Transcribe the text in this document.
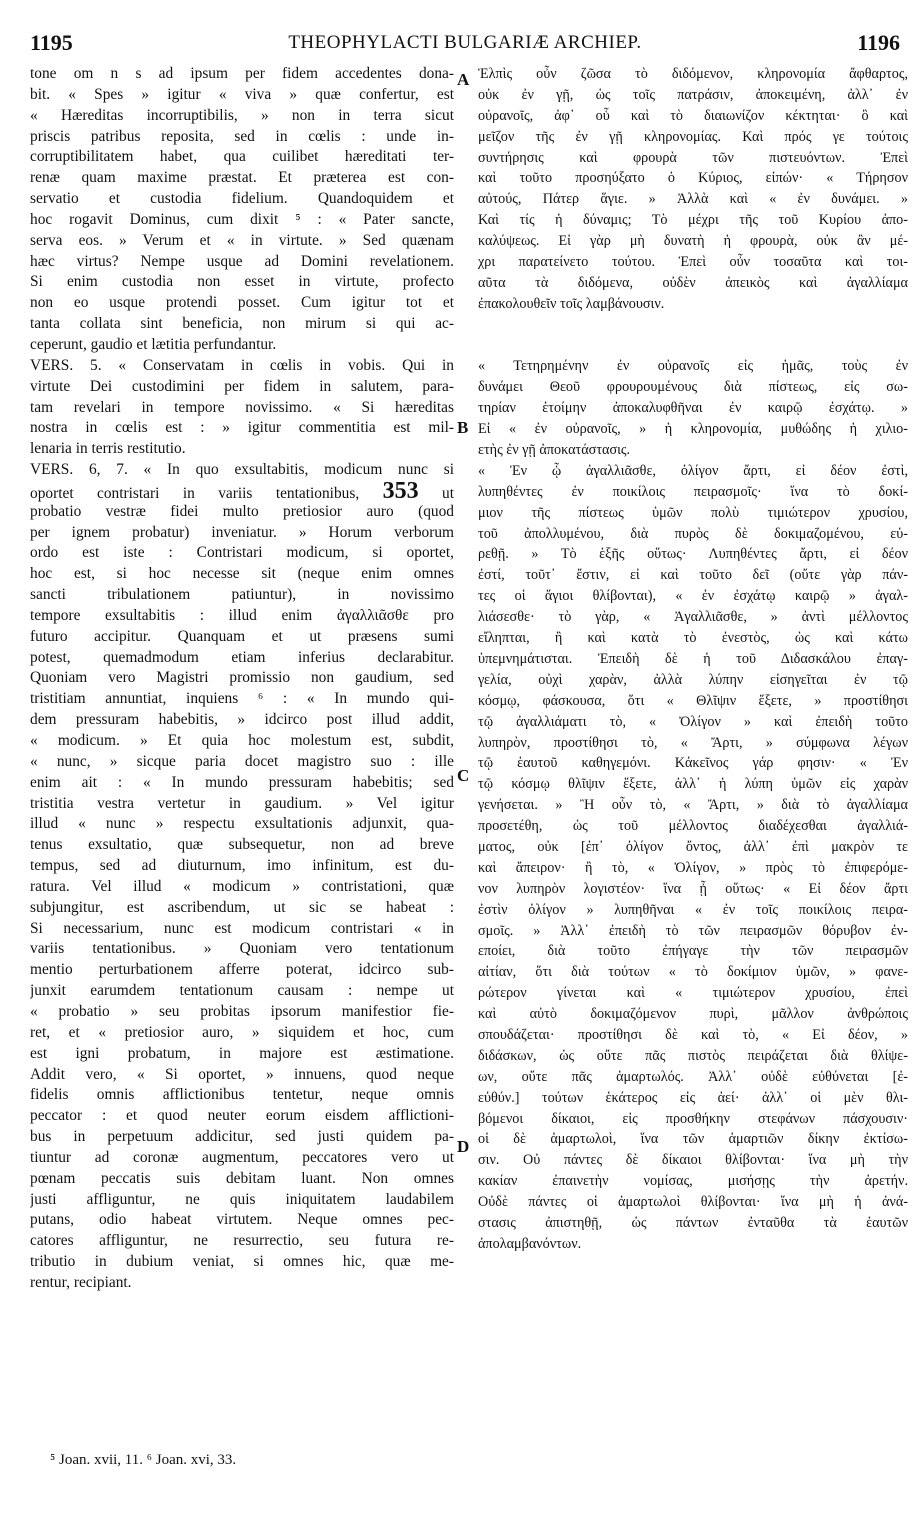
1195	THEOPHYLACTI BULGARIÆ ARCHIEP.	1196
tone om n s ad ipsum per fidem accedentes dona-
bit. « Spes » igitur « viva » quæ confertur, est
« Hæreditas incorruptibilis, » non in terra sicut
priscis patribus reposita, sed in cœlis : unde in-
corruptibilitatem habet, qua cuilibet hæreditati ter-
renæ quam maxime præstat. Et præterea est con-
servatio et custodia fidelium. Quandoquidem et
hoc rogavit Dominus, cum dixit ⁵ : « Pater sancte,
serva eos. » Verum et « in virtute. » Sed quænam
hæc virtus? Nempe usque ad Domini revelationem.
Si enim custodia non esset in virtute, profecto
non eo usque protendi posset. Cum igitur tot et
tanta collata sint beneficia, non mirum si qui ac-
ceperunt, gaudio et lætitia perfundantur.
VERS. 5. « Conservatam in cœlis in vobis. Qui in
virtute Dei custodimini per fidem in salutem, para-
tam revelari in tempore novissimo. « Si hæreditas
nostra in cœlis est : » igitur commentitia est mil-
lenaria in terris restitutio.
VERS. 6, 7. « In quo exsultabitis, modicum nunc si
oportet contristari in variis tentationibus, 353 ut
probatio vestræ fidei multo pretiosior auro (quod
per ignem probatur) inveniatur. » Horum verborum
ordo est iste : Contristari modicum, si oportet,
hoc est, si hoc necesse sit (neque enim omnes
sancti tribulationem patiuntur), in novissimo
tempore exsultabitis : illud enim ἀγαλλιᾶσθε pro
futuro accipitur. Quanquam et ut præsens sumi
potest, quemadmodum etiam inferius declarabitur.
Quoniam vero Magistri promissio non gaudium, sed
tristitiam annuntiat, inquiens ⁶ : « In mundo qui-
dem pressuram habebitis, » idcirco post illud addit,
« modicum. » Et quia hoc molestum est, subdit,
« nunc, » sicque paria docet magistro suo : ille
enim ait : « In mundo pressuram habebitis; sed
tristitia vestra vertetur in gaudium. » Vel igitur
illud « nunc » respectu exsultationis adjunxit, qua-
tenus exsultatio, quæ subsequetur, non ad breve
tempus, sed ad diuturnum, imo infinitum, est du-
ratura. Vel illud « modicum » contristationi, quæ
subjungitur, est ascribendum, ut sic se habeat :
Si necessarium, nunc est modicum contristari « in
variis tentationibus. » Quoniam vero tentationum
mentio perturbationem afferre poterat, idcirco sub-
junxit earumdem tentationum causam : nempe ut
« probatio » seu probitas ipsorum manifestior fie-
ret, et « pretiosior auro, » siquidem et hoc, cum
est igni probatum, in majore est æstimatione.
Addit vero, « Si oportet, » innuens, quod neque
fidelis omnis afflictionibus tentetur, neque omnis
peccator : et quod neuter eorum eisdem afflictioni-
bus in perpetuum addicitur, sed justi quidem pa-
tiuntur ad coronæ augmentum, peccatores vero ut
pœnam peccatis suis debitam luant. Non omnes
justi affliguntur, ne quis iniquitatem laudabilem
putans, odio habeat virtutem. Neque omnes pec-
catores affliguntur, ne resurrectio, seu futura re-
tributio in dubium veniat, si omnes hic, quæ me-
rentur, recipiant.
Ἐλπὶς οὖν ζῶσα τὸ διδόμενον, κληρονομία ἄφθαρτος,
οὐκ ἐν γῇ, ὡς τοῖς πατράσιν, ἀποκειμένη, ἀλλ᾿ ἐν
οὐρανοῖς, ἀφ᾿ οὗ καὶ τὸ διαιωνίζον κέκτηται· ὃ καὶ
μεῖζον τῆς ἐν γῇ κληρονομίας. Καὶ πρός γε τούτοις
συντήρησις καὶ φρουρὰ τῶν πιστευόντων. Ἐπεὶ
καὶ τοῦτο προσηύξατο ὁ Κύριος, εἰπών· « Τήρησον
αὐτούς, Πάτερ ἅγιε. » Ἀλλὰ καὶ « ἐν δυνάμει. »
Καὶ τίς ἡ δύναμις; Τὸ μέχρι τῆς τοῦ Κυρίου ἀπο-
καλύψεως. Εἰ γὰρ μὴ δυνατὴ ἡ φρουρὰ, οὐκ ἂν μέ-
χρι παρατείνετο τούτου. Ἐπεὶ οὖν τοσαῦτα καὶ τοι-
αῦτα τὰ διδόμενα, οὐδὲν ἀπεικὸς καὶ ἀγαλλίαμα
ἐπακολουθεῖν τοῖς λαμβάνουσιν.
« Τετηρημένην ἐν οὐρανοῖς εἰς ἡμᾶς, τοὺς ἐν
δυνάμει Θεοῦ φρουρουμένους διὰ πίστεως, εἰς σω-
τηρίαν ἑτοίμην ἀποκαλυφθῆναι ἐν καιρῷ ἐσχάτῳ. »
Εἰ « ἐν οὐρανοῖς, » ἡ κληρονομία, μυθώδης ἡ χιλιο-
ετὴς ἐν γῇ ἀποκατάστασις.
« Ἐν ᾧ ἀγαλλιᾶσθε, ὀλίγον ἄρτι, εἰ δέον ἐστὶ,
λυπηθέντες ἐν ποικίλοις πειρασμοῖς· ἵνα τὸ δοκί-
μιον τῆς πίστεως ὑμῶν πολὺ τιμιώτερον χρυσίου,
τοῦ ἀπολλυμένου, διὰ πυρὸς δὲ δοκιμαζομένου, εὑ-
ρεθῇ. » Τὸ ἑξῆς οὕτως· Λυπηθέντες ἄρτι, εἰ δέον
ἐστί, τοῦτ᾿ ἔστιν, εἰ καὶ τοῦτο δεῖ (οὔτε γὰρ πάν-
τες οἱ ἅγιοι θλίβονται), « ἐν ἐσχάτῳ καιρῷ » ἀγαλ-
λιάσεσθε· τὸ γὰρ, « Ἀγαλλιᾶσθε, » ἀντὶ μέλλοντος
εἴληπται, ἢ καὶ κατὰ τὸ ἐνεστὸς, ὡς καὶ κάτω
ὑπεμνημάτισται. Ἐπειδὴ δὲ ἡ τοῦ Διδασκάλου ἐπαγ-
γελία, οὐχὶ χαρὰν, ἀλλὰ λύπην εἰσηγεῖται ἐν τῷ
κόσμῳ, φάσκουσα, ὅτι « Θλῖψιν ἕξετε, » προστίθησι
τῷ ἀγαλλιάματι τὸ, « Ὀλίγον » καὶ ἐπειδὴ τοῦτο
λυπηρὸν, προστίθησι τὸ, « Ἄρτι, » σύμφωνα λέγων
τῷ ἑαυτοῦ καθηγεμόνι. Κἀκεῖνος γάρ φησιν· « Ἐν
τῷ κόσμῳ θλῖψιν ἕξετε, ἀλλ᾿ ἡ λύπη ὑμῶν εἰς χαρὰν
γενήσεται. » Ἢ οὖν τὸ, « Ἄρτι, » διὰ τὸ ἀγαλλίαμα
προσετέθη, ὡς τοῦ μέλλοντος διαδέχεσθαι ἀγαλλιά-
ματος, οὐκ [ἐπ᾿ ὀλίγον ὄντος, ἀλλ᾿ ἐπὶ μακρὸν τε
καὶ ἄπειρον· ἢ τὸ, « Ὀλίγον, » πρὸς τὸ ἐπιφερόμε-
νον λυπηρὸν λογιστέον· ἵνα ᾖ οὕτως· « Εἰ δέον ἄρτι
ἐστὶν ὀλίγον » λυπηθῆναι « ἐν τοῖς ποικίλοις πειρα-
σμοῖς. » Ἀλλ᾿ ἐπειδὴ τὸ τῶν πειρασμῶν θόρυβον ἐν-
εποίει, διὰ τοῦτο ἐπήγαγε τὴν τῶν πειρασμῶν
αἰτίαν, ὅτι διὰ τούτων « τὸ δοκίμιον ὑμῶν, » φανε-
ρώτερον γίνεται καὶ « τιμιώτερον χρυσίου, ἐπεὶ
καὶ αὐτὸ δοκιμαζόμενον πυρὶ, μᾶλλον ἀνθρώποις
σπουδάζεται· προστίθησι δὲ καὶ τὸ, « Εἰ δέον, »
διδάσκων, ὡς οὔτε πᾶς πιστὸς πειράζεται διὰ θλίψε-
ων, οὔτε πᾶς ἁμαρτωλός. Ἀλλ᾿ οὐδὲ εὐθύνεται [ἐ-
εὐθύν.] τούτων ἑκάτερος εἰς ἀεί· ἀλλ᾿ οἱ μὲν θλι-
βόμενοι δίκαιοι, εἰς προσθήκην στεφάνων πάσχουσιν·
οἱ δὲ ἁμαρτωλοὶ, ἵνα τῶν ἁμαρτιῶν δίκην ἐκτίσω-
σιν. Οὐ πάντες δὲ δίκαιοι θλίβονται· ἵνα μὴ τὴν
κακίαν ἐπαινετὴν νομίσας, μισήσῃς τὴν ἀρετήν.
Οὐδὲ πάντες οἱ ἁμαρτωλοὶ θλίβονται· ἵνα μὴ ἡ ἀνά-
στασις ἀπιστηθῇ, ὡς πάντων ἐνταῦθα τὰ ἑαυτῶν
ἀπολαμβανόντων.
A
B
C
D
⁵ Joan. xvii, 11. ⁶ Joan. xvi, 33.
